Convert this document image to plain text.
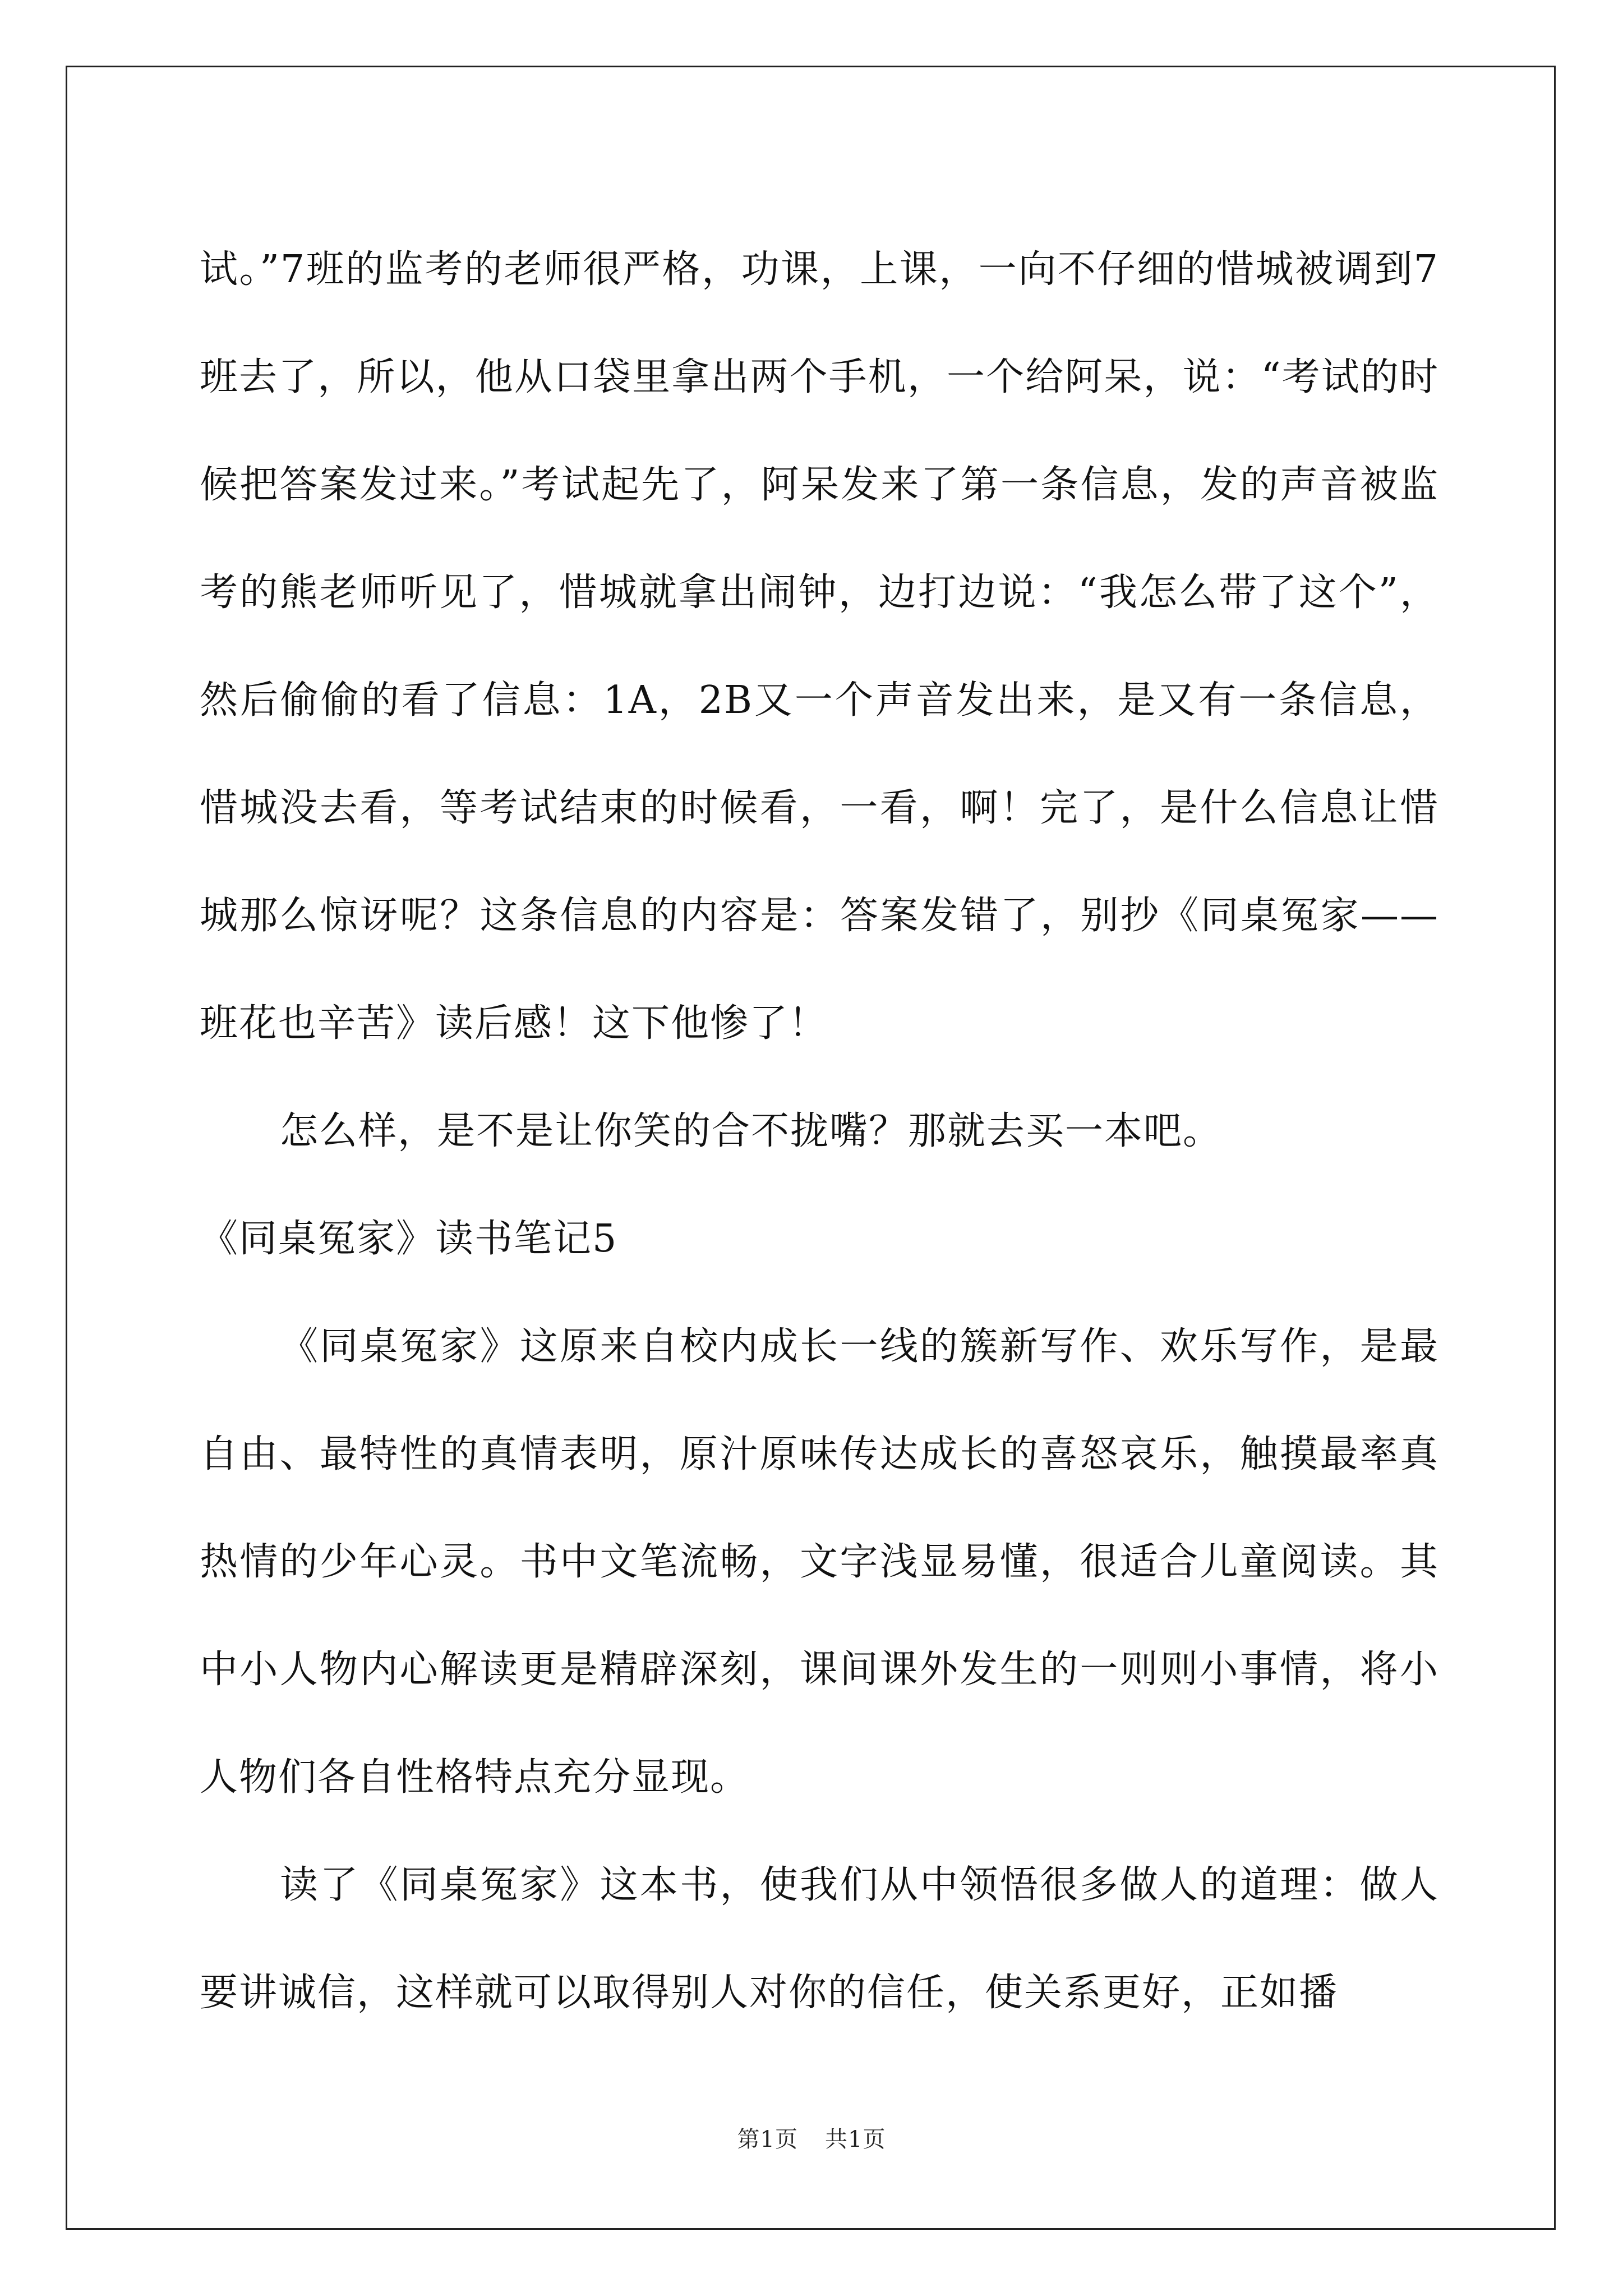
试。”7班的监考的老师很严格，功课，上课，一向不仔细的惜城被调到7班去了，所以，他从口袋里拿出两个手机，一个给阿呆，说：“考试的时候把答案发过来。”考试起先了，阿呆发来了第一条信息，发的声音被监考的熊老师听见了，惜城就拿出闹钟，边打边说：“我怎么带了这个”，然后偷偷的看了信息：1A，2B又一个声音发出来，是又有一条信息，惜城没去看，等考试结束的时候看，一看，啊！完了，是什么信息让惜城那么惊讶呢？这条信息的内容是：答案发错了，别抄《同桌冤家——班花也辛苦》读后感！这下他惨了！

怎么样，是不是让你笑的合不拢嘴？那就去买一本吧。

《同桌冤家》读书笔记5

《同桌冤家》这原来自校内成长一线的簇新写作、欢乐写作，是最自由、最特性的真情表明，原汁原味传达成长的喜怒哀乐，触摸最率真热情的少年心灵。书中文笔流畅，文字浅显易懂，很适合儿童阅读。其中小人物内心解读更是精辟深刻，课间课外发生的一则则小事情，将小人物们各自性格特点充分显现。

读了《同桌冤家》这本书，使我们从中领悟很多做人的道理：做人要讲诚信，这样就可以取得别人对你的信任，使关系更好，正如播

第1页 共1页
